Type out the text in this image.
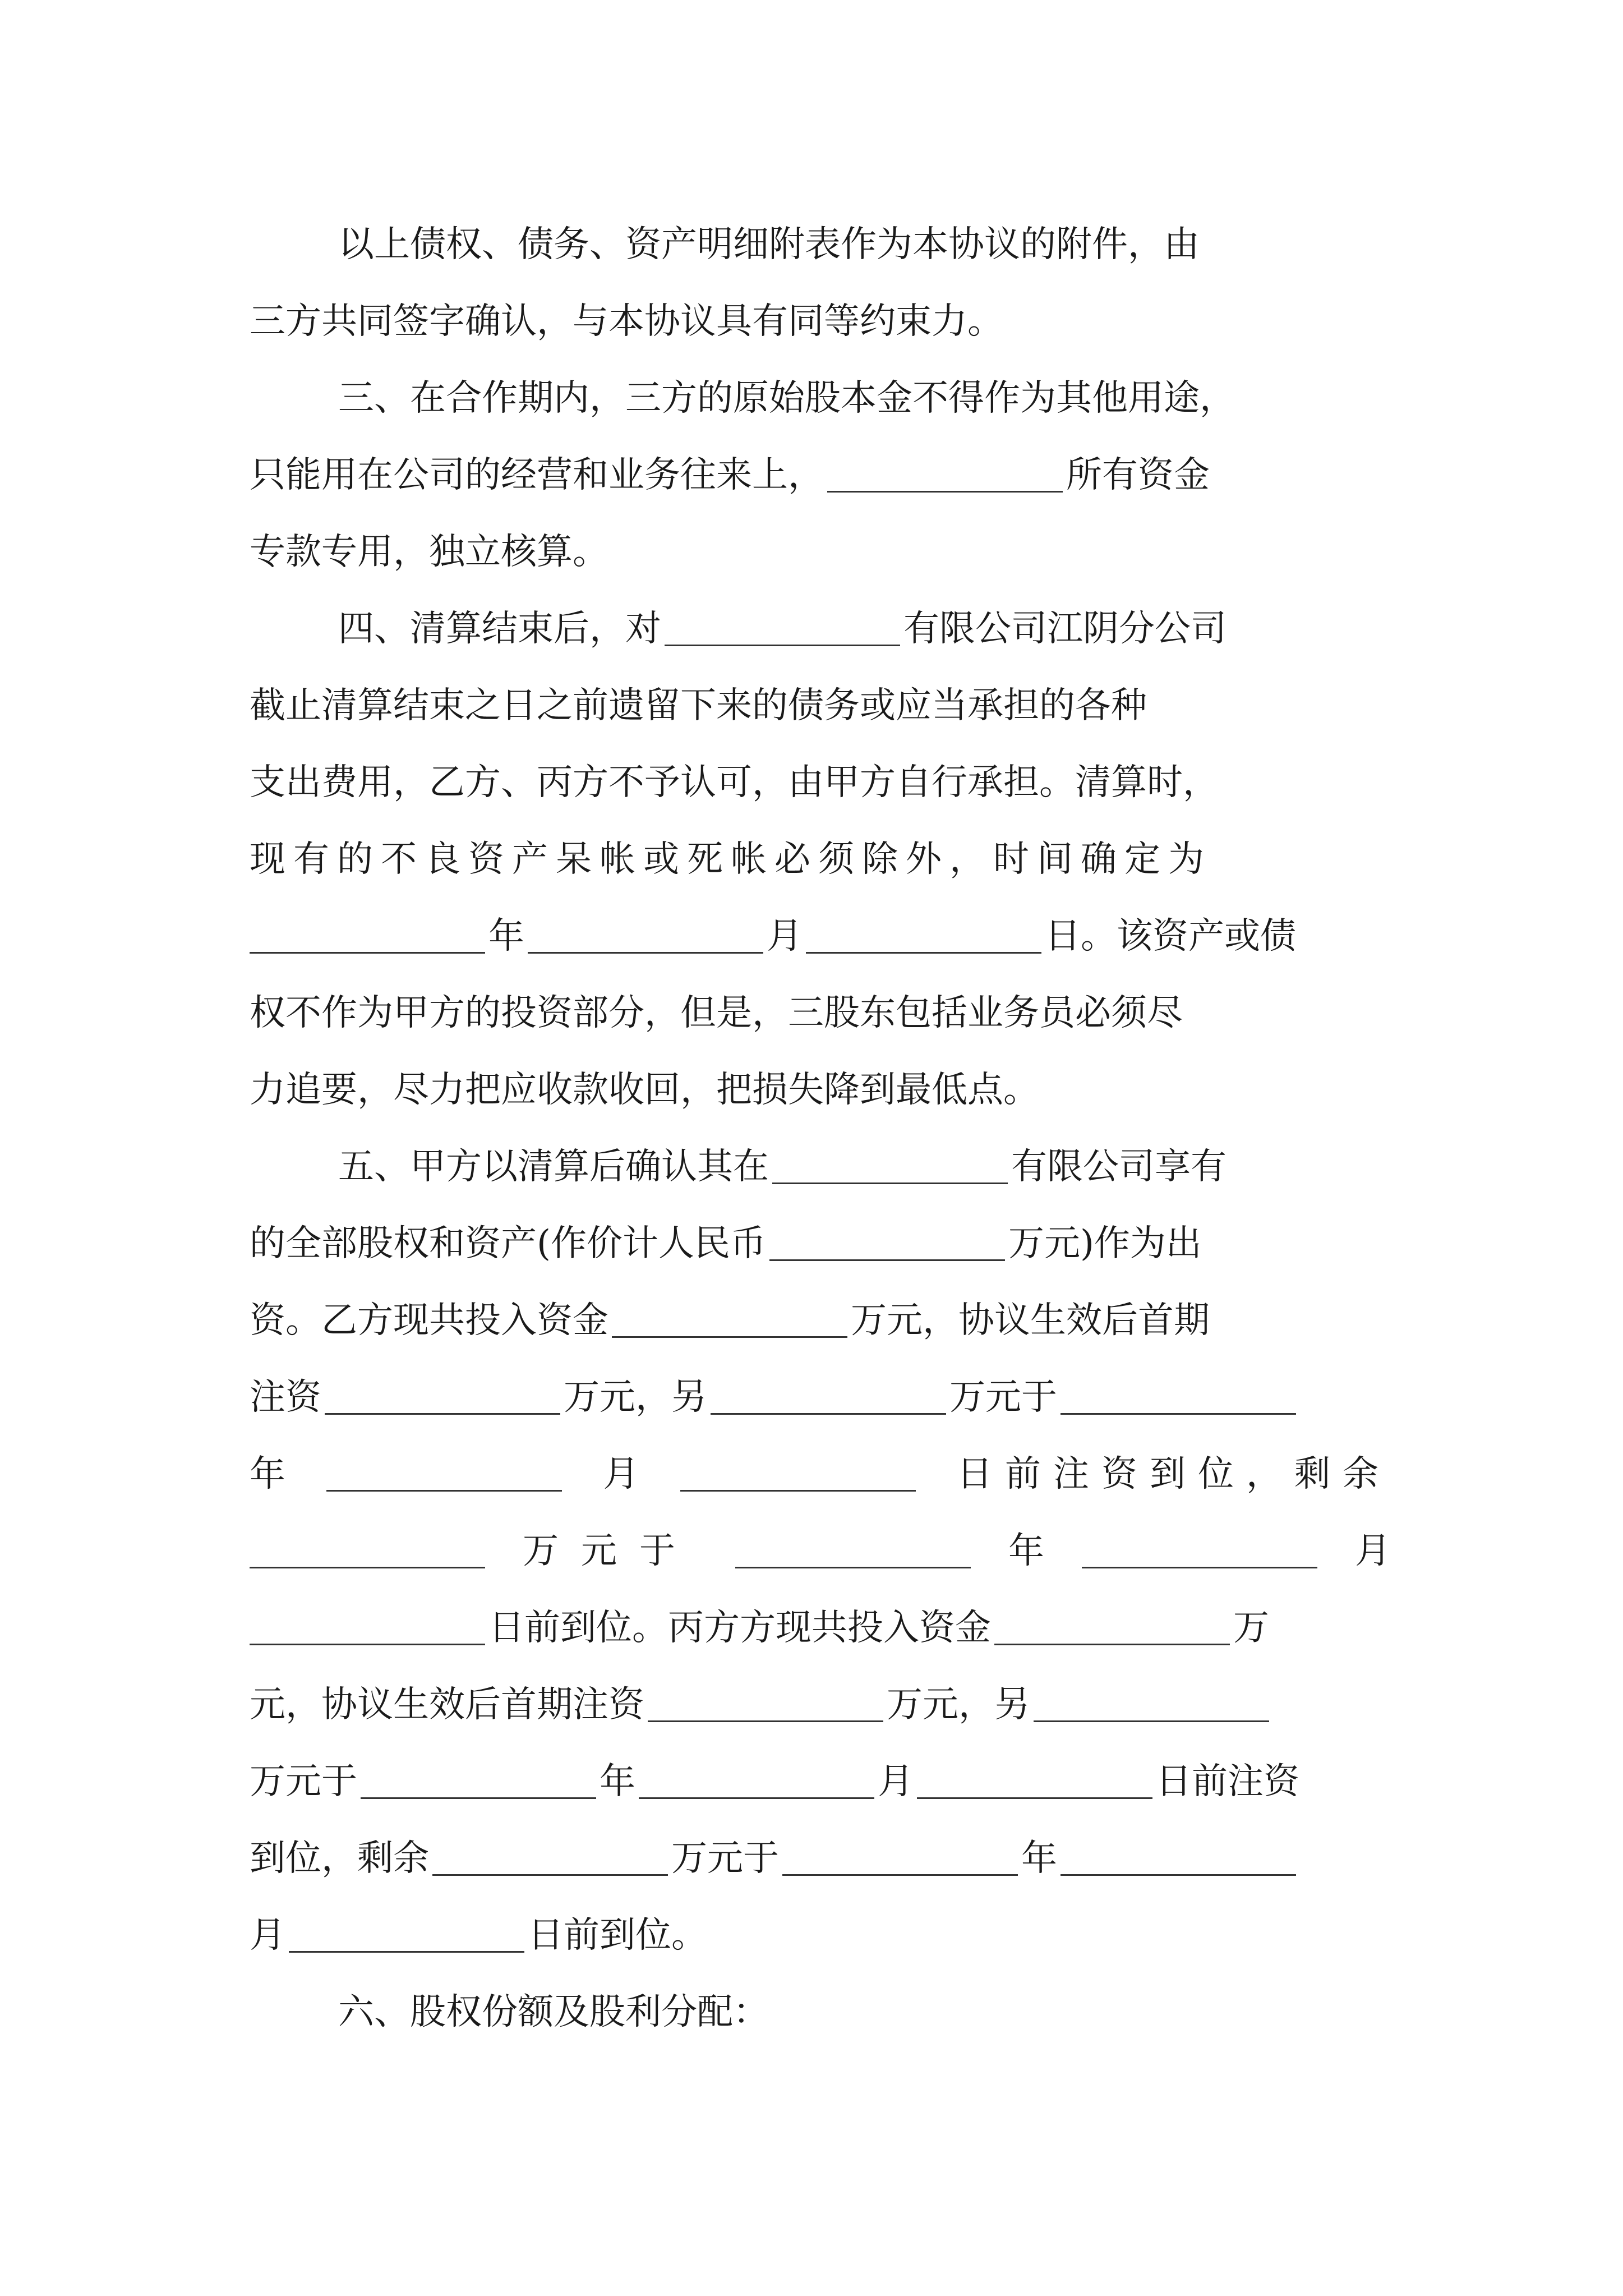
以上债权、债务、资产明细附表作为本协议的附件，由
三方共同签字确认，与本协议具有同等约束力。
三、在合作期内，三方的原始股本金不得作为其他用途，
只能用在公司的经营和业务往来上，	所有资金
专款专用，独立核算。
四、清算结束后，对	有限公司江阴分公司
截止清算结束之日之前遗留下来的债务或应当承担的各种
支出费用，乙方、丙方不予认可，由甲方自行承担。清算时，
现有的不良资产呆帐或死帐必须除外，时间确定为
年	月	日。该资产或债
权不作为甲方的投资部分，但是，三股东包括业务员必须尽
力追要，尽力把应收款收回，把损失降到最低点。
五、甲方以清算后确认其在	有限公司享有
的全部股权和资产(作价计人民币	万元)作为出
资。乙方现共投入资金	万元，协议生效后首期
注资	万元，另	万元于
年	月	日前注资到位，剩余
万元于	年	月
日前到位。丙方方现共投入资金	万
元，协议生效后首期注资	万元，另
万元于	年	月	日前注资
到位，剩余	万元于	年
月	日前到位。
六、股权份额及股利分配：
